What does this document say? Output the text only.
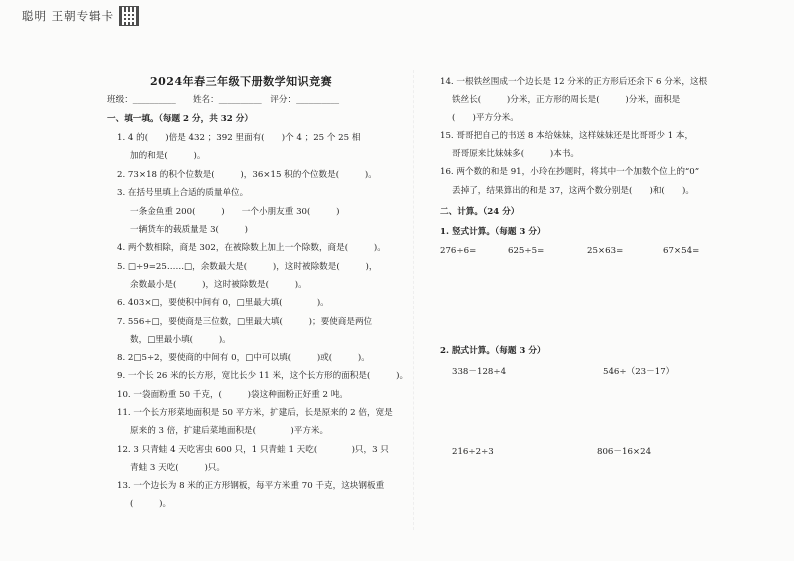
聪明 王朝专辑卡
2024年春三年级下册数学知识竞赛
班级：__________　　姓名：__________　评分：__________
一、填一填。（每题 2 分，共 32 分）
1. 4 的(　　)倍是 432 ；392 里面有(　　)个 4 ；25 个 25 相
加的和是(　　　)。
2. 73×18 的积个位数是(　　　)，36×15 积的个位数是(　　　)。
3. 在括号里填上合适的质量单位。
一条金鱼重 200(　　　)　　一个小朋友重 30(　　　)
一辆货车的载质量是 3(　　　)
4. 两个数相除，商是 302，在被除数上加上一个除数，商是(　　　)。
5. □÷9=25……□，余数最大是(　　　)，这时被除数是(　　　)，
余数最小是(　　　)，这时被除数是(　　　)。
6. 403×□，要使积中间有 0，□里最大填(　　　　)。
7. 556÷□，要使商是三位数，□里最大填(　　　)；要使商是两位
数，□里最小填(　　　)。
8. 2□5÷2，要使商的中间有 0，□中可以填(　　　)或(　　　)。
9. 一个长 26 米的长方形，宽比长少 11 米，这个长方形的面积是(　　　)。
10. 一袋面粉重 50 千克，(　　　)袋这种面粉正好重 2 吨。
11. 一个长方形菜地面积是 50 平方米，扩建后，长是原来的 2 倍，宽是
原来的 3 倍，扩建后菜地面积是(　　　　)平方米。
12. 3 只青蛙 4 天吃害虫 600 只，1 只青蛙 1 天吃(　　　　)只，3 只
青蛙 3 天吃(　　　)只。
13. 一个边长为 8 米的正方形钢板，每平方米重 70 千克，这块钢板重
(　　　)。
14. 一根铁丝围成一个边长是 12 分米的正方形后还余下 6 分米，这根
铁丝长(　　　)分米，正方形的周长是(　　　)分米，面积是
(　　)平方分米。
15. 哥哥把自己的书送 8 本给妹妹，这样妹妹还是比哥哥少 1 本，
哥哥原来比妹妹多(　　　)本书。
16. 两个数的和是 91，小玲在抄题时，将其中一个加数个位上的“0”
丢掉了，结果算出的和是 37，这两个数分别是(　　)和(　　)。
二、计算。（24 分）
1. 竖式计算。（每题 3 分）
276÷6=	625÷5=	25×63=	67×54=
2. 脱式计算。（每题 3 分）
338－128÷4	546÷（23－17）
216÷2÷3	806－16×24
